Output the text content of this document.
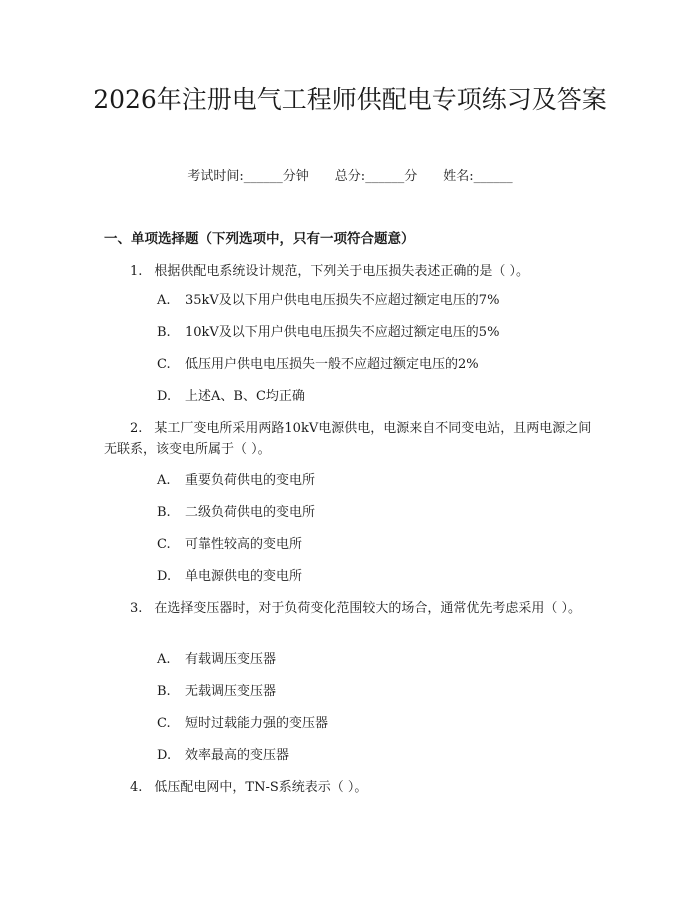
2026年注册电气工程师供配电专项练习及答案
考试时间:______分钟 总分:______分 姓名:______
一、单项选择题（下列选项中，只有一项符合题意）

1. 根据供配电系统设计规范，下列关于电压损失表述正确的是（ ）。

A. 35kV及以下用户供电电压损失不应超过额定电压的7%
B. 10kV及以下用户供电电压损失不应超过额定电压的5%
C. 低压用户供电电压损失一般不应超过额定电压的2%
D. 上述A、B、C均正确

2. 某工厂变电所采用两路10kV电源供电，电源来自不同变电站，且两电源之间无联系，该变电所属于（ ）。

A. 重要负荷供电的变电所
B. 二级负荷供电的变电所
C. 可靠性较高的变电所
D. 单电源供电的变电所

3. 在选择变压器时，对于负荷变化范围较大的场合，通常优先考虑采用（ ）。

A. 有载调压变压器
B. 无载调压变压器
C. 短时过载能力强的变压器
D. 效率最高的变压器

4. 低压配电网中，TN-S系统表示（ ）。
